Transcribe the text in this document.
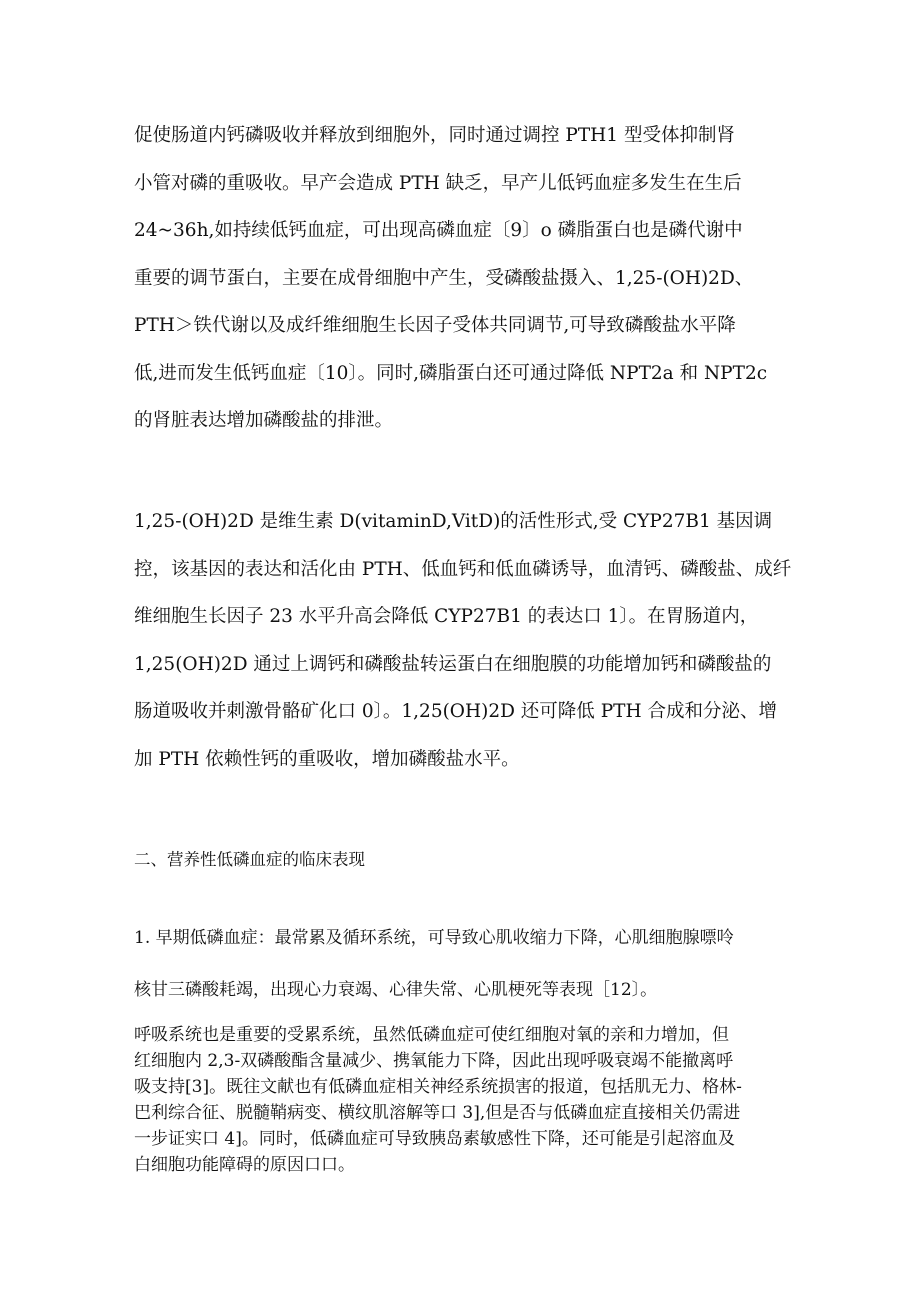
促使肠道内钙磷吸收并释放到细胞外，同时通过调控 PTH1 型受体抑制肾
小管对磷的重吸收。早产会造成 PTH 缺乏，早产儿低钙血症多发生在生后
24~36h,如持续低钙血症，可出现高磷血症〔9〕o 磷脂蛋白也是磷代谢中
重要的调节蛋白，主要在成骨细胞中产生，受磷酸盐摄入、1,25-(OH)2D、
PTH＞铁代谢以及成纤维细胞生长因子受体共同调节,可导致磷酸盐水平降
低,进而发生低钙血症〔10〕。同时,磷脂蛋白还可通过降低 NPT2a 和 NPT2c
的肾脏表达增加磷酸盐的排泄。
1,25-(OH)2D 是维生素 D(vitaminD,VitD)的活性形式,受 CYP27B1 基因调
控，该基因的表达和活化由 PTH、低血钙和低血磷诱导，血清钙、磷酸盐、成纤
维细胞生长因子 23 水平升高会降低 CYP27B1 的表达口 1〕。在胃肠道内，
1,25(OH)2D 通过上调钙和磷酸盐转运蛋白在细胞膜的功能增加钙和磷酸盐的
肠道吸收并刺激骨骼矿化口 0〕。1,25(OH)2D 还可降低 PTH 合成和分泌、增
加 PTH 依赖性钙的重吸收，增加磷酸盐水平。
二、营养性低磷血症的临床表现
1. 早期低磷血症：最常累及循环系统，可导致心肌收缩力下降，心肌细胞腺嘌呤
核甘三磷酸耗竭，出现心力衰竭、心律失常、心肌梗死等表现［12〕。
呼吸系统也是重要的受累系统，虽然低磷血症可使红细胞对氧的亲和力增加，但
红细胞内 2,3-双磷酸酯含量减少、携氧能力下降，因此出现呼吸衰竭不能撤离呼
吸支持[3]。既往文献也有低磷血症相关神经系统损害的报道，包括肌无力、格林-
巴利综合征、脱髓鞘病变、横纹肌溶解等口 3],但是否与低磷血症直接相关仍需进
一步证实口 4]。同时，低磷血症可导致胰岛素敏感性下降，还可能是引起溶血及
白细胞功能障碍的原因口口。
